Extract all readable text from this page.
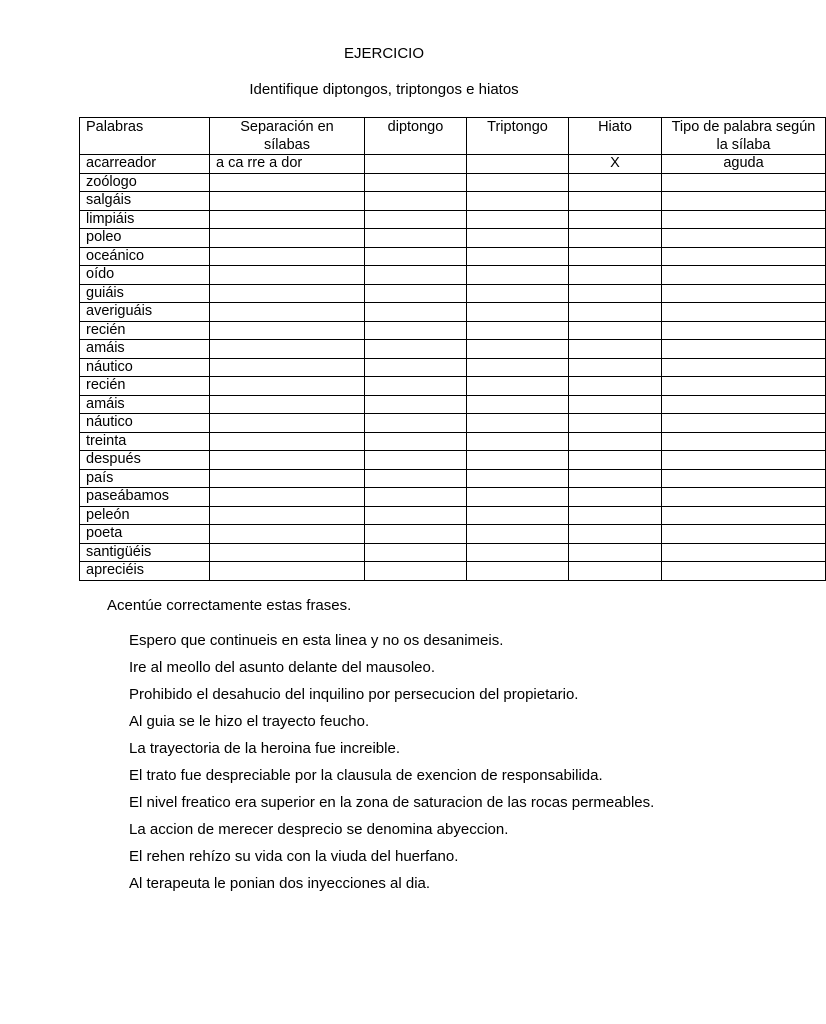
EJERCICIO
Identifique diptongos, triptongos e hiatos
Palabras	Separación en sílabas	diptongo	Triptongo	Hiato	Tipo de palabra según la sílaba
acarreador	a ca rre a dor			X	aguda
zoólogo					
salgáis					
limpiáis					
poleo					
oceánico					
oído					
guiáis					
averiguáis					
recién					
amáis					
náutico					
recién					
amáis					
náutico					
treinta					
después					
país					
paseábamos					
peleón					
poeta					
santigüéis					
apreciéis					
Acentúe correctamente estas frases.
Espero que continueis en esta linea y no os desanimeis.
Ire al meollo del asunto delante del mausoleo.
Prohibido el desahucio del inquilino por persecucion del propietario.
Al guia se le hizo el trayecto feucho.
La trayectoria de la heroina fue increible.
El trato fue despreciable por la clausula de exencion de responsabilida.
El nivel freatico era superior en la zona de saturacion de las rocas permeables.
La accion de merecer desprecio se denomina abyeccion.
El rehen rehízo su vida con la viuda del huerfano.
Al terapeuta le ponian dos inyecciones al dia.
